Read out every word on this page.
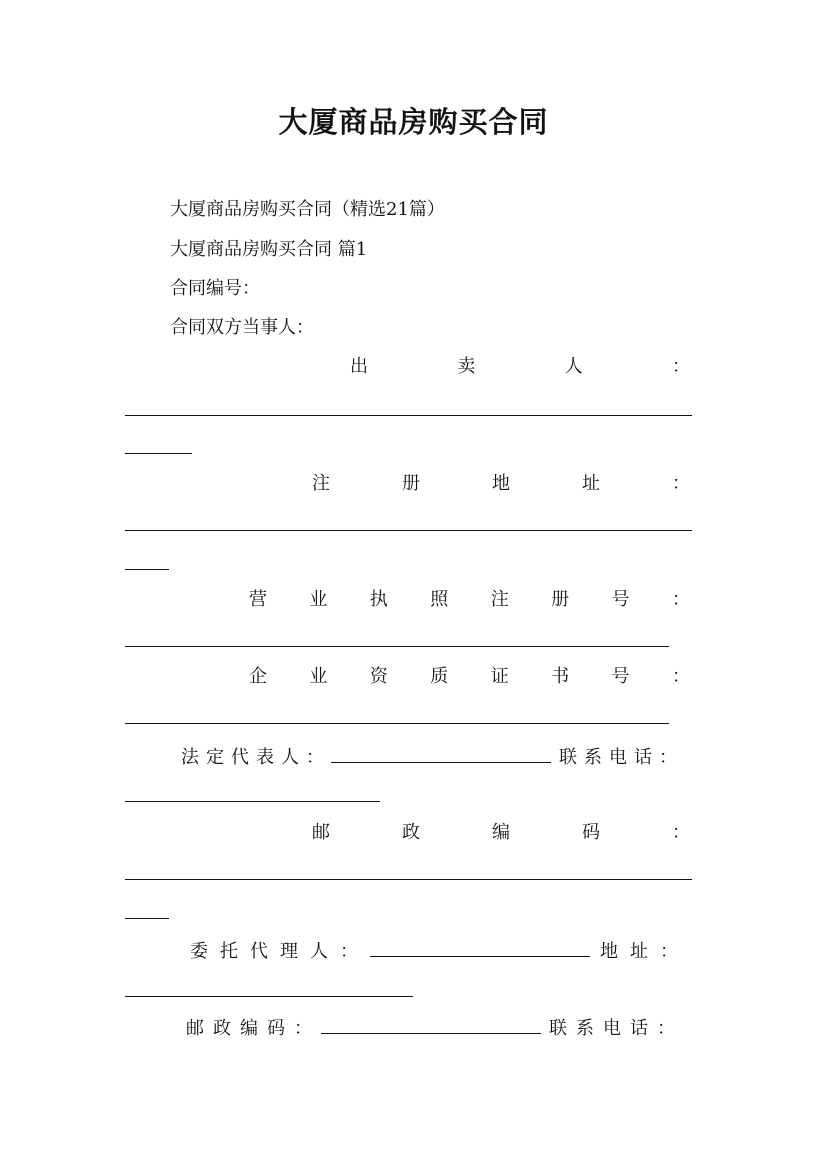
大厦商品房购买合同
大厦商品房购买合同（精选21篇）
大厦商品房购买合同 篇1
合同编号：
合同双方当事人：
出	卖	人	：
注	册	地	址	：
营 业 执 照 注 册 号 ：
企 业 资 质 证 书 号 ：
法定代表人：	联系电话：
邮	政	编	码	：
委托代理人：	地址：
邮政编码：	联系电话：
